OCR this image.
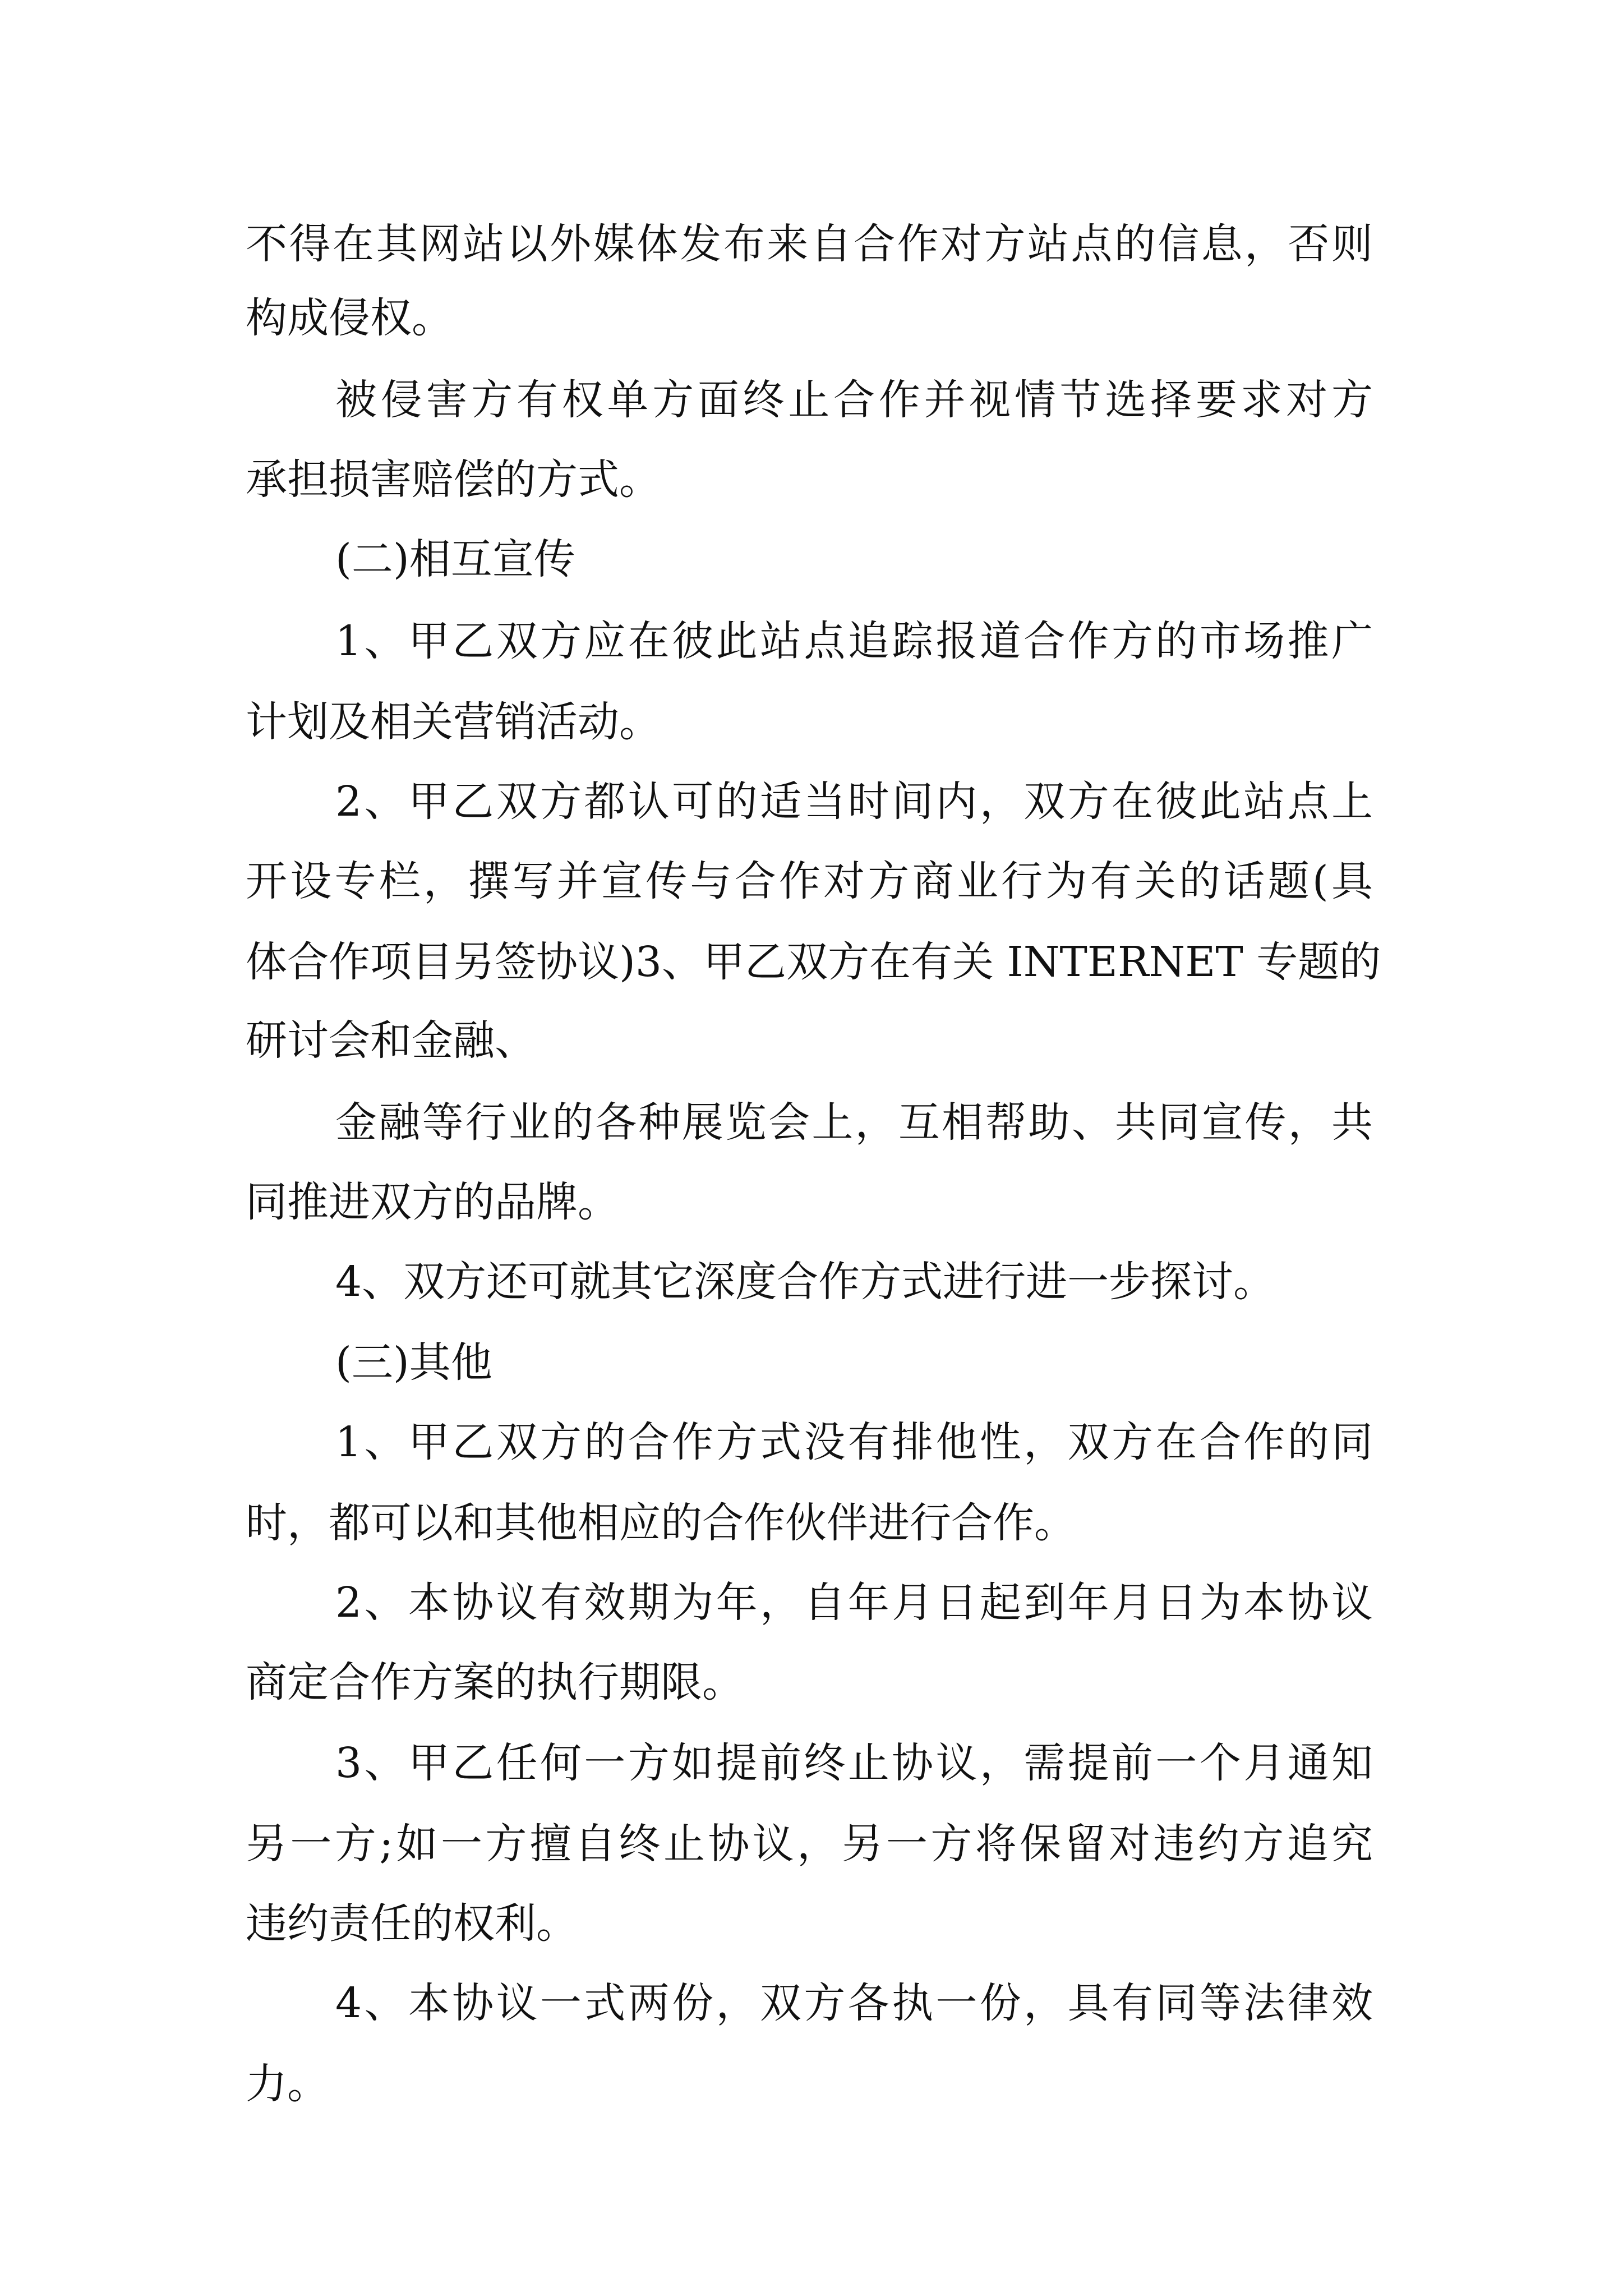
不得在其网站以外媒体发布来自合作对方站点的信息，否则
构成侵权。
被侵害方有权单方面终止合作并视情节选择要求对方
承担损害赔偿的方式。
(二)相互宣传
1、甲乙双方应在彼此站点追踪报道合作方的市场推广
计划及相关营销活动。
2、甲乙双方都认可的适当时间内，双方在彼此站点上
开设专栏，撰写并宣传与合作对方商业行为有关的话题(具
体合作项目另签协议)3、甲乙双方在有关 INTERNET 专题的
研讨会和金融、
金融等行业的各种展览会上，互相帮助、共同宣传，共
同推进双方的品牌。
4、双方还可就其它深度合作方式进行进一步探讨。
(三)其他
1、甲乙双方的合作方式没有排他性，双方在合作的同
时，都可以和其他相应的合作伙伴进行合作。
2、本协议有效期为年，自年月日起到年月日为本协议
商定合作方案的执行期限。
3、甲乙任何一方如提前终止协议，需提前一个月通知
另一方;如一方擅自终止协议，另一方将保留对违约方追究
违约责任的权利。
4、本协议一式两份，双方各执一份，具有同等法律效
力。
